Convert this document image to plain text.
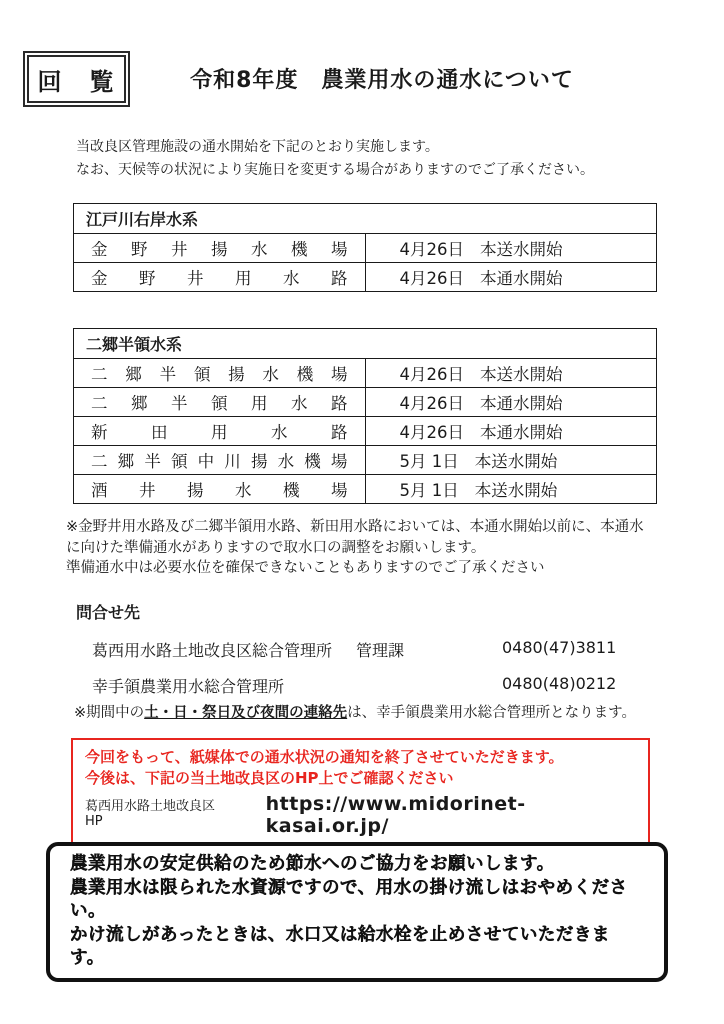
回　覧	令和8年度　農業用水の通水について
当改良区管理施設の通水開始を下記のとおり実施します。
なお、天候等の状況により実施日を変更する場合がありますのでご了承ください。
江戸川右岸水系	

金 野 井 揚 水 機 場	4月26日 本送水開始

金 野 井 用 水 路	4月26日 本通水開始
二郷半領水系	

二 郷 半 領 揚 水 機 場	4月26日 本送水開始

二 郷 半 領 用 水 路	4月26日 本通水開始

新 田 用 水 路	4月26日 本通水開始

二 郷 半 領 中 川 揚 水 機 場	5月 1日 本送水開始

酒 井 揚 水 機 場	5月 1日 本送水開始
※金野井用水路及び二郷半領用水路、新田用水路においては、本通水開始以前に、本通水
に向けた準備通水がありますので取水口の調整をお願いします。
準備通水中は必要水位を確保できないこともありますのでご了承ください
問合せ先
葛西用水路土地改良区総合管理所 管理課	0480(47)3811
幸手領農業用水総合管理所	0480(48)0212
※期間中の土・日・祭日及び夜間の連絡先は、幸手領農業用水総合管理所となります。
今回をもって、紙媒体での通水状況の通知を終了させていただきます。
今後は、下記の当土地改良区のHP上でご確認ください
葛西用水路土地改良区HP
https://www.midorinet-kasai.or.jp/
農業用水の安定供給のため節水へのご協力をお願いします。
農業用水は限られた水資源ですので、用水の掛け流しはおやめください。
かけ流しがあったときは、水口又は給水栓を止めさせていただきます。
